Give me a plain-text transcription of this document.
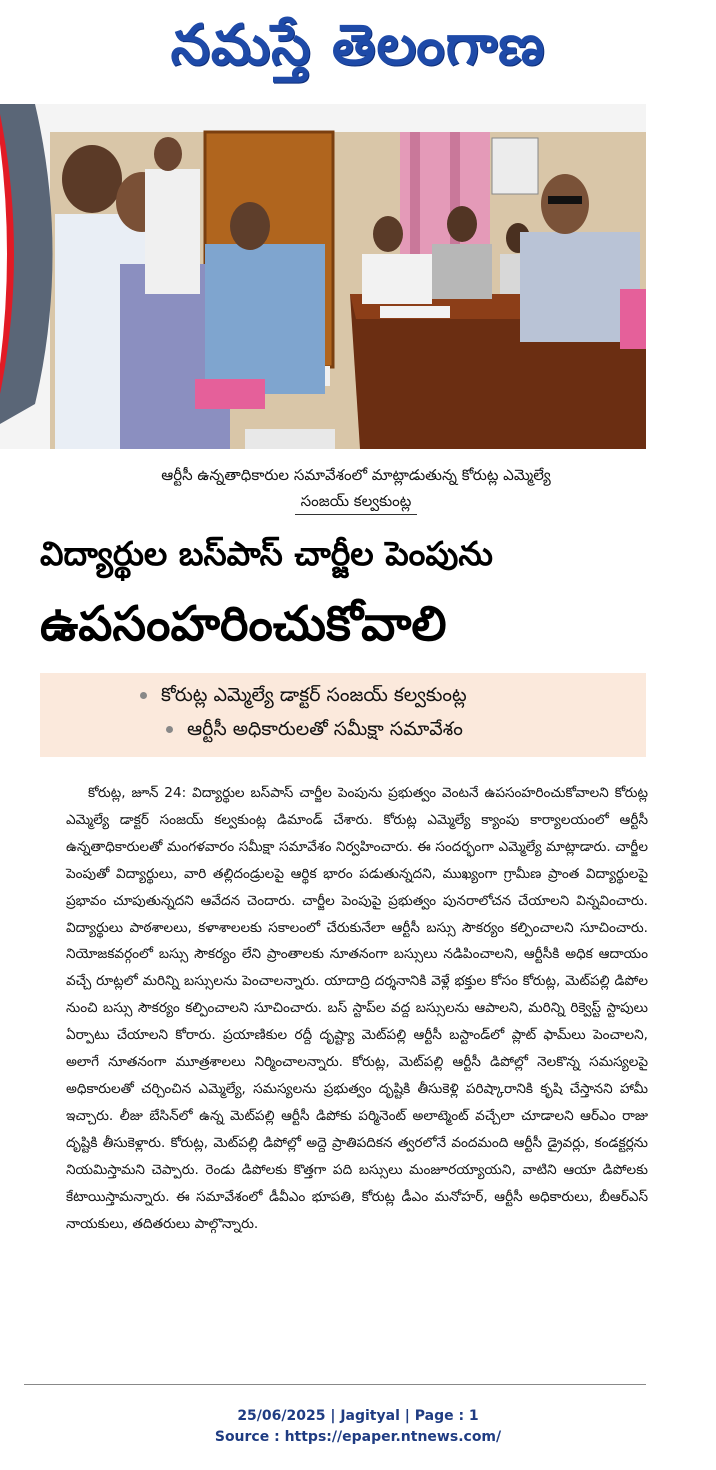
నమస్తే తెలంగాణ
ఆర్టీసీ ఉన్నతాధికారుల సమావేశంలో మాట్లాడుతున్న కోరుట్ల ఎమ్మెల్యే
సంజయ్ కల్వకుంట్ల
విద్యార్థుల బస్‌పాస్ చార్జీల పెంపును
ఉపసంహరించుకోవాలి
కోరుట్ల ఎమ్మెల్యే డాక్టర్ సంజయ్ కల్వకుంట్ల
ఆర్టీసీ అధికారులతో సమీక్షా సమావేశం

కోరుట్ల, జూన్ 24: విద్యార్థుల బస్‌పాస్ చార్జీల పెంపును ప్రభుత్వం వెంటనే ఉపసంహరించుకోవాలని కోరుట్ల ఎమ్మెల్యే డాక్టర్ సంజయ్ కల్వకుంట్ల డిమాండ్ చేశారు. కోరుట్ల ఎమ్మెల్యే క్యాంపు కార్యాలయంలో ఆర్టీసీ ఉన్నతాధికారులతో మంగళవారం సమీక్షా సమావేశం నిర్వహించారు. ఈ సందర్భంగా ఎమ్మెల్యే మాట్లాడారు. చార్జీల పెంపుతో విద్యార్థులు, వారి తల్లిదండ్రులపై ఆర్థిక భారం పడుతున్నదని, ముఖ్యంగా గ్రామీణ ప్రాంత విద్యార్థులపై ప్రభావం చూపుతున్నదని ఆవేదన చెందారు. చార్జీల పెంపుపై ప్రభుత్వం పునరాలోచన చేయాలని విన్నవించారు. విద్యార్థులు పాఠశాలలు, కళాశాలలకు సకాలంలో చేరుకునేలా ఆర్టీసీ బస్సు సౌకర్యం కల్పించాలని సూచించారు. నియోజకవర్గంలో బస్సు సౌకర్యం లేని ప్రాంతాలకు నూతనంగా బస్సులు నడిపించాలని, ఆర్టీసీకి అధిక ఆదాయం వచ్చే రూట్లలో మరిన్ని బస్సులను పెంచాలన్నారు. యాదాద్రి దర్శనానికి వెళ్లే భక్తుల కోసం కోరుట్ల, మెట్‌పల్లి డిపోల నుంచి బస్సు సౌకర్యం కల్పించాలని సూచించారు. బస్ స్టాప్‌ల వద్ద బస్సులను ఆపాలని, మరిన్ని రిక్వెస్ట్ స్టాపులు ఏర్పాటు చేయాలని కోరారు. ప్రయాణికుల రద్దీ దృష్ట్యా మెట్‌పల్లి ఆర్టీసీ బస్టాండ్‌లో ప్లాట్ ఫామ్‌లు పెంచాలని, అలాగే నూతనంగా మూత్రశాలలు నిర్మించాలన్నారు. కోరుట్ల, మెట్‌పల్లి ఆర్టీసీ డిపోల్లో నెలకొన్న సమస్యలపై అధికారులతో చర్చించిన ఎమ్మెల్యే, సమస్యలను ప్రభుత్వం దృష్టికి తీసుకెళ్లి పరిష్కారానికి కృషి చేస్తానని హామీ ఇచ్చారు. లీజు బేసిన్‌లో ఉన్న మెట్‌పల్లి ఆర్టీసీ డిపోకు పర్మినెంట్ అలాట్మెంట్ వచ్చేలా చూడాలని ఆర్‌ఎం రాజు దృష్టికి తీసుకెళ్లారు. కోరుట్ల, మెట్‌పల్లి డిపోల్లో అద్దె ప్రాతిపదికన త్వరలోనే వందమంది ఆర్టీసీ డ్రైవర్లు, కండక్టర్లను నియమిస్తామని చెప్పారు. రెండు డిపోలకు కొత్తగా పది బస్సులు మంజూరయ్యాయని, వాటిని ఆయా డిపోలకు కేటాయిస్తామన్నారు. ఈ సమావేశంలో డీవీఎం భూపతి, కోరుట్ల డీఎం మనోహర్, ఆర్టీసీ అధికారులు, బీఆర్‌ఎస్ నాయకులు, తదితరులు పాల్గొన్నారు.

25/06/2025 | Jagityal | Page : 1
Source : https://epaper.ntnews.com/
